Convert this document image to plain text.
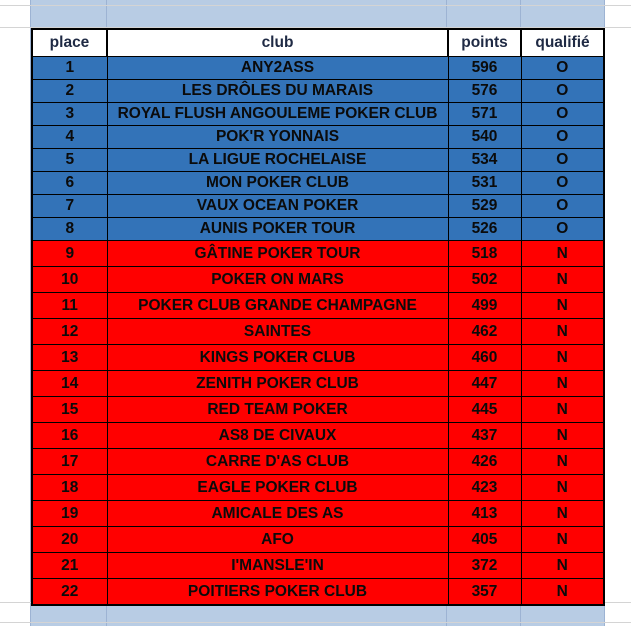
place	club	points	qualifié
1	ANY2ASS	596	O
2	LES DRÔLES DU MARAIS	576	O
3	ROYAL FLUSH ANGOULEME POKER CLUB	571	O
4	POK'R YONNAIS	540	O
5	LA LIGUE ROCHELAISE	534	O
6	MON POKER CLUB	531	O
7	VAUX OCEAN POKER	529	O
8	AUNIS POKER TOUR	526	O
9	GÂTINE POKER TOUR	518	N
10	POKER ON MARS	502	N
11	POKER CLUB GRANDE CHAMPAGNE	499	N
12	SAINTES	462	N
13	KINGS POKER CLUB	460	N
14	ZENITH POKER CLUB	447	N
15	RED TEAM POKER	445	N
16	AS8 DE CIVAUX	437	N
17	CARRE D'AS CLUB	426	N
18	EAGLE POKER CLUB	423	N
19	AMICALE DES AS	413	N
20	AFO	405	N
21	I'MANSLE'IN	372	N
22	POITIERS POKER CLUB	357	N
